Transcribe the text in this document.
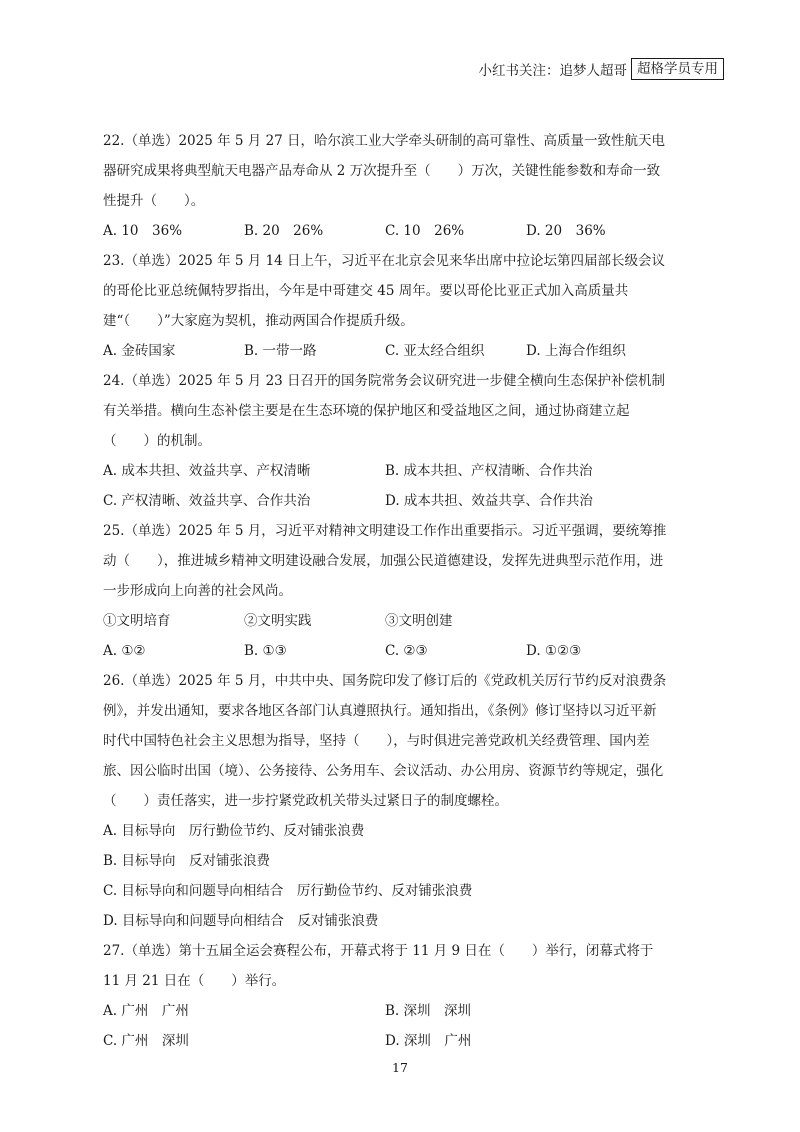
小红书关注：追梦人超哥 超格学员专用
22.（单选）2025 年 5 月 27 日，哈尔滨工业大学牵头研制的高可靠性、高质量一致性航天电器研究成果将典型航天电器产品寿命从 2 万次提升至（　　）万次，关键性能参数和寿命一致性提升（　　）。
A. 10　36%	B. 20　26%	C. 10　26%	D. 20　36%
23.（单选）2025 年 5 月 14 日上午，习近平在北京会见来华出席中拉论坛第四届部长级会议的哥伦比亚总统佩特罗指出，今年是中哥建交 45 周年。要以哥伦比亚正式加入高质量共建“（　　）”大家庭为契机，推动两国合作提质升级。
A. 金砖国家	B. 一带一路	C. 亚太经合组织	D. 上海合作组织
24.（单选）2025 年 5 月 23 日召开的国务院常务会议研究进一步健全横向生态保护补偿机制有关举措。横向生态补偿主要是在生态环境的保护地区和受益地区之间，通过协商建立起（　　）的机制。
A. 成本共担、效益共享、产权清晰	B. 成本共担、产权清晰、合作共治
C. 产权清晰、效益共享、合作共治	D. 成本共担、效益共享、合作共治
25.（单选）2025 年 5 月，习近平对精神文明建设工作作出重要指示。习近平强调，要统筹推动（　　），推进城乡精神文明建设融合发展，加强公民道德建设，发挥先进典型示范作用，进一步形成向上向善的社会风尚。
①文明培育	②文明实践	③文明创建
A. ①②	B. ①③	C. ②③	D. ①②③
26.（单选）2025 年 5 月，中共中央、国务院印发了修订后的《党政机关厉行节约反对浪费条例》，并发出通知，要求各地区各部门认真遵照执行。通知指出，《条例》修订坚持以习近平新时代中国特色社会主义思想为指导，坚持（　　），与时俱进完善党政机关经费管理、国内差旅、因公临时出国（境）、公务接待、公务用车、会议活动、办公用房、资源节约等规定，强化（　　）责任落实，进一步拧紧党政机关带头过紧日子的制度螺栓。
A. 目标导向　厉行勤俭节约、反对铺张浪费
B. 目标导向　反对铺张浪费
C. 目标导向和问题导向相结合　厉行勤俭节约、反对铺张浪费
D. 目标导向和问题导向相结合　反对铺张浪费
27.（单选）第十五届全运会赛程公布，开幕式将于 11 月 9 日在（　　）举行，闭幕式将于 11 月 21 日在（　　）举行。
A. 广州　广州	B. 深圳　深圳
C. 广州　深圳	D. 深圳　广州
17
